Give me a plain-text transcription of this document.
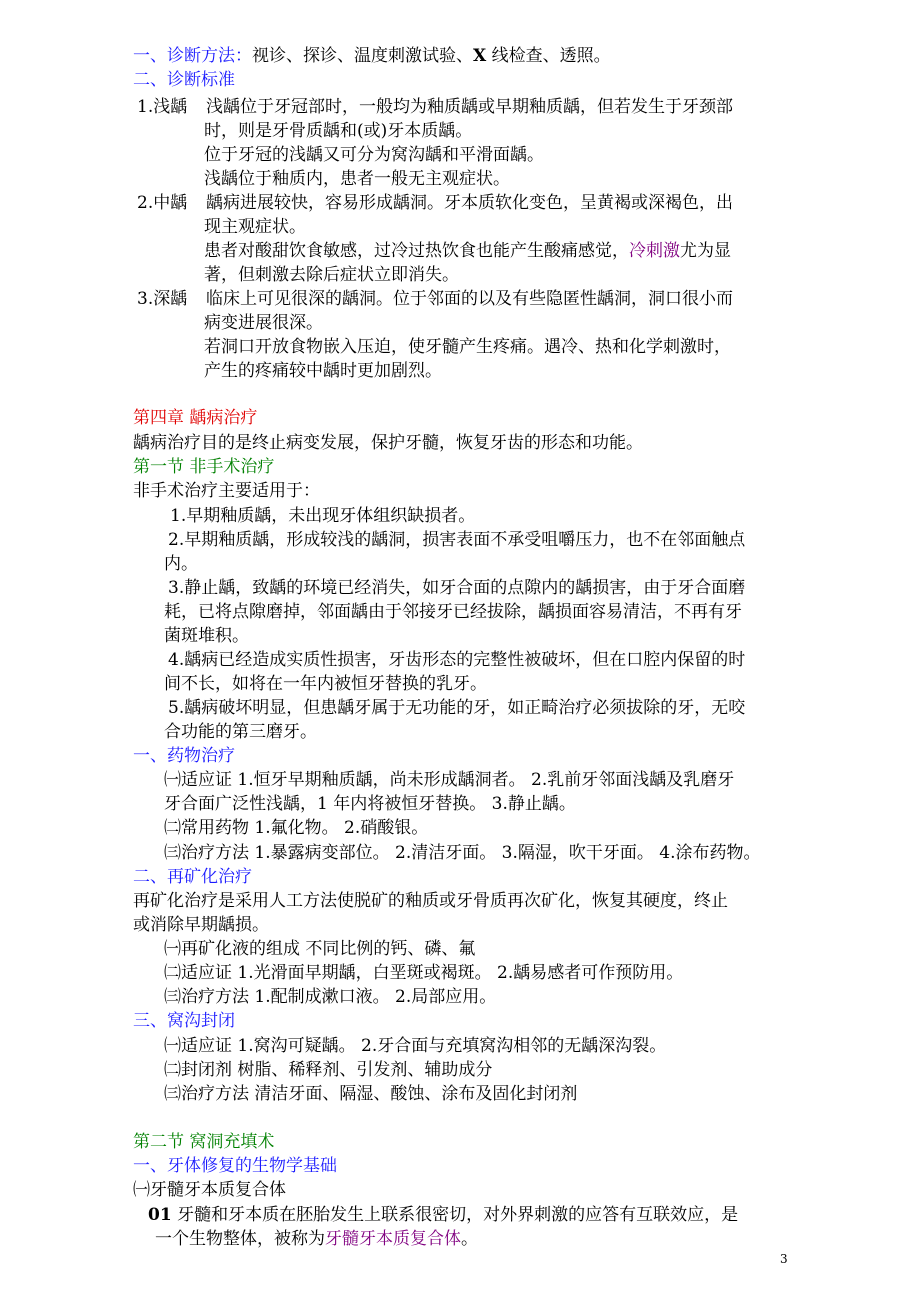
一、诊断方法：视诊、探诊、温度刺激试验、X 线检查、透照。
二、诊断标准
1.浅龋 浅龋位于牙冠部时，一般均为釉质龋或早期釉质龋，但若发生于牙颈部
时，则是牙骨质龋和(或)牙本质龋。
位于牙冠的浅龋又可分为窝沟龋和平滑面龋。
浅龋位于釉质内，患者一般无主观症状。
2.中龋 龋病进展较快，容易形成龋洞。牙本质软化变色，呈黄褐或深褐色，出
现主观症状。
患者对酸甜饮食敏感，过冷过热饮食也能产生酸痛感觉，冷刺激尤为显
著，但刺激去除后症状立即消失。
3.深龋 临床上可见很深的龋洞。位于邻面的以及有些隐匿性龋洞，洞口很小而
病变进展很深。
若洞口开放食物嵌入压迫，使牙髓产生疼痛。遇冷、热和化学刺激时，
产生的疼痛较中龋时更加剧烈。
第四章 龋病治疗
龋病治疗目的是终止病变发展，保护牙髓，恢复牙齿的形态和功能。
第一节 非手术治疗
非手术治疗主要适用于：
1.早期釉质龋，未出现牙体组织缺损者。
2.早期釉质龋，形成较浅的龋洞，损害表面不承受咀嚼压力，也不在邻面触点
内。
3.静止龋，致龋的环境已经消失，如牙合面的点隙内的龋损害，由于牙合面磨
耗，已将点隙磨掉，邻面龋由于邻接牙已经拔除，龋损面容易清洁，不再有牙
菌斑堆积。
4.龋病已经造成实质性损害，牙齿形态的完整性被破坏，但在口腔内保留的时
间不长，如将在一年内被恒牙替换的乳牙。
5.龋病破坏明显，但患龋牙属于无功能的牙，如正畸治疗必须拔除的牙，无咬
合功能的第三磨牙。
一、药物治疗
㈠适应证 1.恒牙早期釉质龋，尚未形成龋洞者。 2.乳前牙邻面浅龋及乳磨牙
牙合面广泛性浅龋，1 年内将被恒牙替换。 3.静止龋。
㈡常用药物 1.氟化物。 2.硝酸银。
㈢治疗方法 1.暴露病变部位。 2.清洁牙面。 3.隔湿，吹干牙面。 4.涂布药物。
二、再矿化治疗
再矿化治疗是采用人工方法使脱矿的釉质或牙骨质再次矿化，恢复其硬度，终止
或消除早期龋损。
㈠再矿化液的组成 不同比例的钙、磷、氟
㈡适应证 1.光滑面早期龋，白垩斑或褐斑。 2.龋易感者可作预防用。
㈢治疗方法 1.配制成漱口液。 2.局部应用。
三、窝沟封闭
㈠适应证 1.窝沟可疑龋。 2.牙合面与充填窝沟相邻的无龋深沟裂。
㈡封闭剂 树脂、稀释剂、引发剂、辅助成分
㈢治疗方法 清洁牙面、隔湿、酸蚀、涂布及固化封闭剂
第二节 窝洞充填术
一、牙体修复的生物学基础
㈠牙髓牙本质复合体
01 牙髓和牙本质在胚胎发生上联系很密切，对外界刺激的应答有互联效应，是
一个生物整体，被称为牙髓牙本质复合体。
3
